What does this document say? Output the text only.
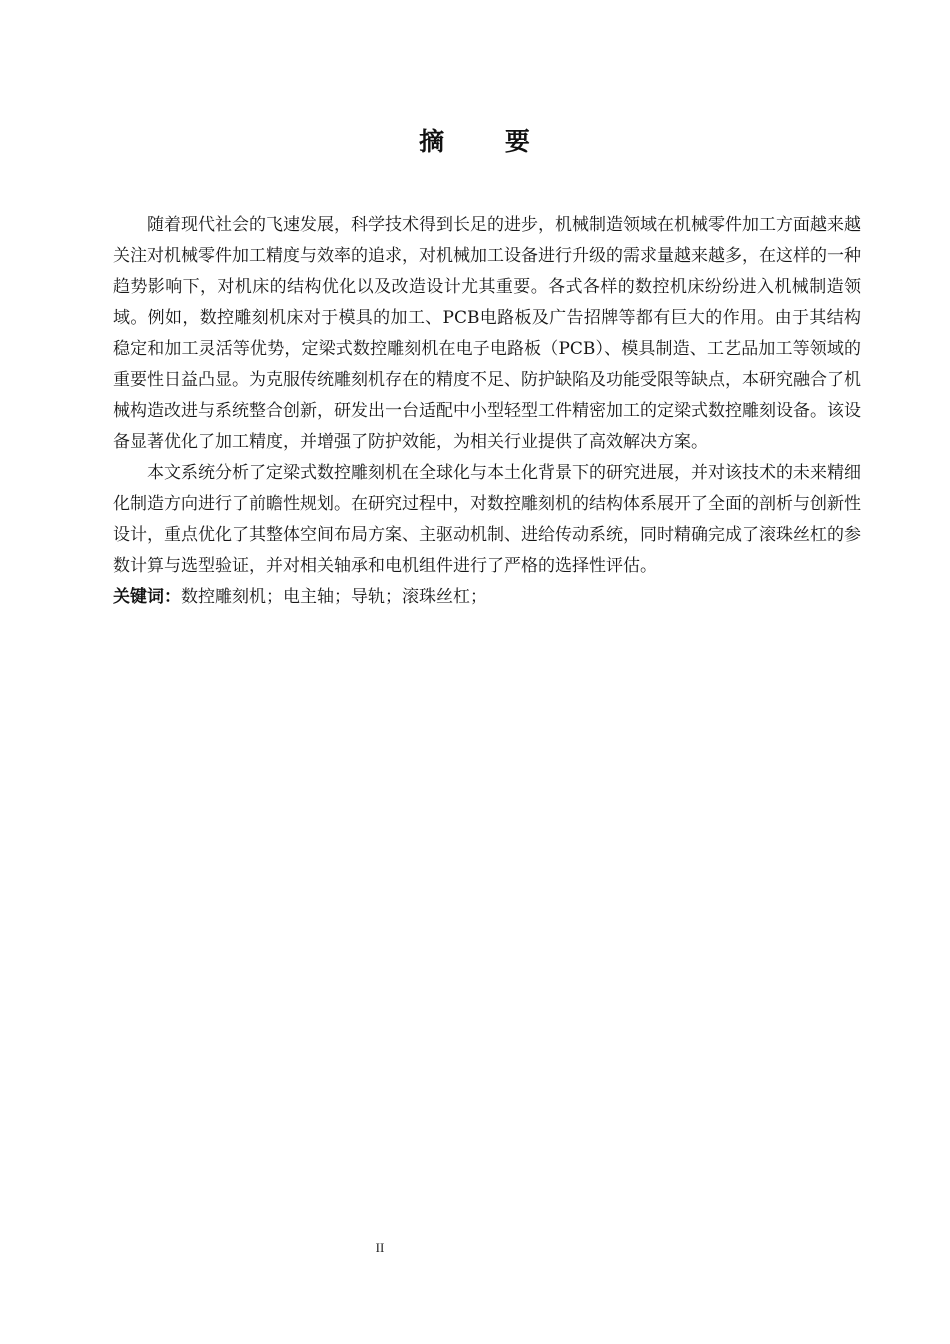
摘 要

随着现代社会的飞速发展，科学技术得到长足的进步，机械制造领域在机械零件加工方面越来越关注对机械零件加工精度与效率的追求，对机械加工设备进行升级的需求量越来越多，在这样的一种趋势影响下，对机床的结构优化以及改造设计尤其重要。各式各样的数控机床纷纷进入机械制造领域。例如，数控雕刻机床对于模具的加工、PCB电路板及广告招牌等都有巨大的作用。由于其结构稳定和加工灵活等优势，定梁式数控雕刻机在电子电路板（PCB）、模具制造、工艺品加工等领域的重要性日益凸显。为克服传统雕刻机存在的精度不足、防护缺陷及功能受限等缺点，本研究融合了机械构造改进与系统整合创新，研发出一台适配中小型轻型工件精密加工的定梁式数控雕刻设备。该设备显著优化了加工精度，并增强了防护效能，为相关行业提供了高效解决方案。

本文系统分析了定梁式数控雕刻机在全球化与本土化背景下的研究进展，并对该技术的未来精细化制造方向进行了前瞻性规划。在研究过程中，对数控雕刻机的结构体系展开了全面的剖析与创新性设计，重点优化了其整体空间布局方案、主驱动机制、进给传动系统，同时精确完成了滚珠丝杠的参数计算与选型验证，并对相关轴承和电机组件进行了严格的选择性评估。

关键词：数控雕刻机；电主轴；导轨；滚珠丝杠；

II
